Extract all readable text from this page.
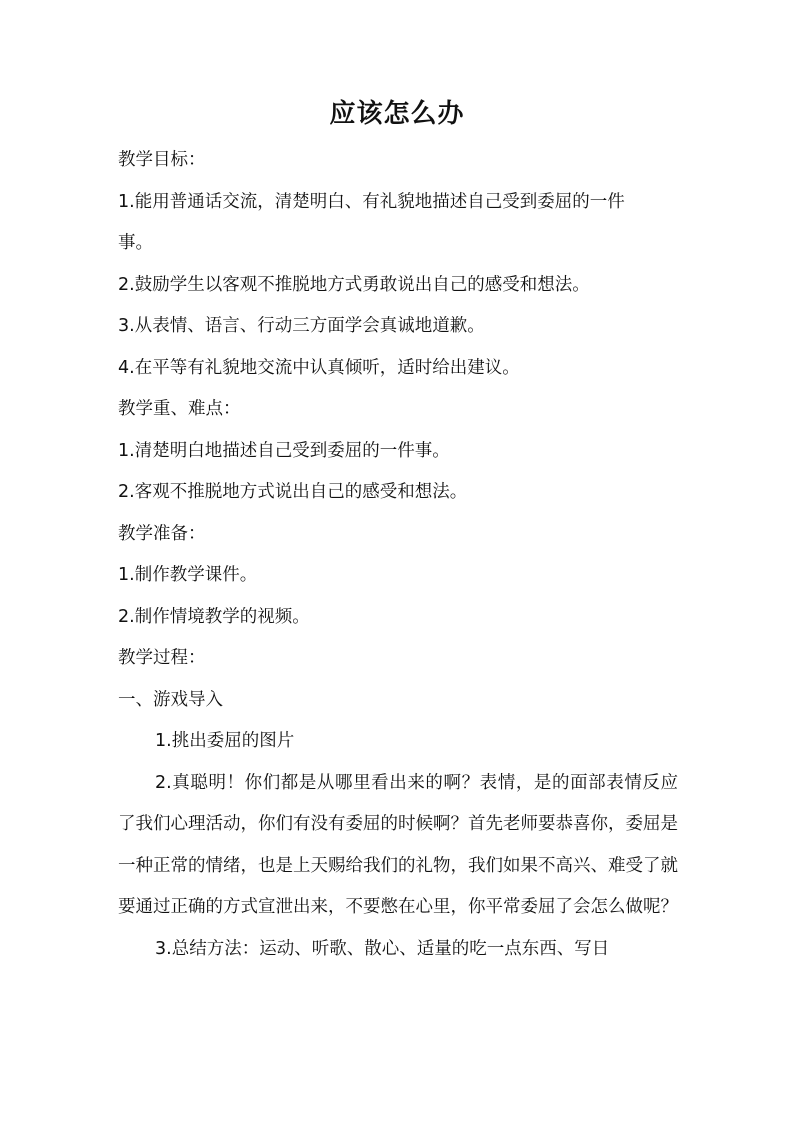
应该怎么办

教学目标：

1.能用普通话交流，清楚明白、有礼貌地描述自己受到委屈的一件

事。

2.鼓励学生以客观不推脱地方式勇敢说出自己的感受和想法。

3.从表情、语言、行动三方面学会真诚地道歉。

4.在平等有礼貌地交流中认真倾听，适时给出建议。

教学重、难点：

1.清楚明白地描述自己受到委屈的一件事。

2.客观不推脱地方式说出自己的感受和想法。

教学准备：

1.制作教学课件。

2.制作情境教学的视频。

教学过程：

一、游戏导入

1.挑出委屈的图片

2.真聪明！你们都是从哪里看出来的啊？表情，是的面部表情反应了我们心理活动，你们有没有委屈的时候啊？首先老师要恭喜你，委屈是一种正常的情绪，也是上天赐给我们的礼物，我们如果不高兴、难受了就要通过正确的方式宣泄出来，不要憋在心里，你平常委屈了会怎么做呢？

3.总结方法：运动、听歌、散心、适量的吃一点东西、写日
